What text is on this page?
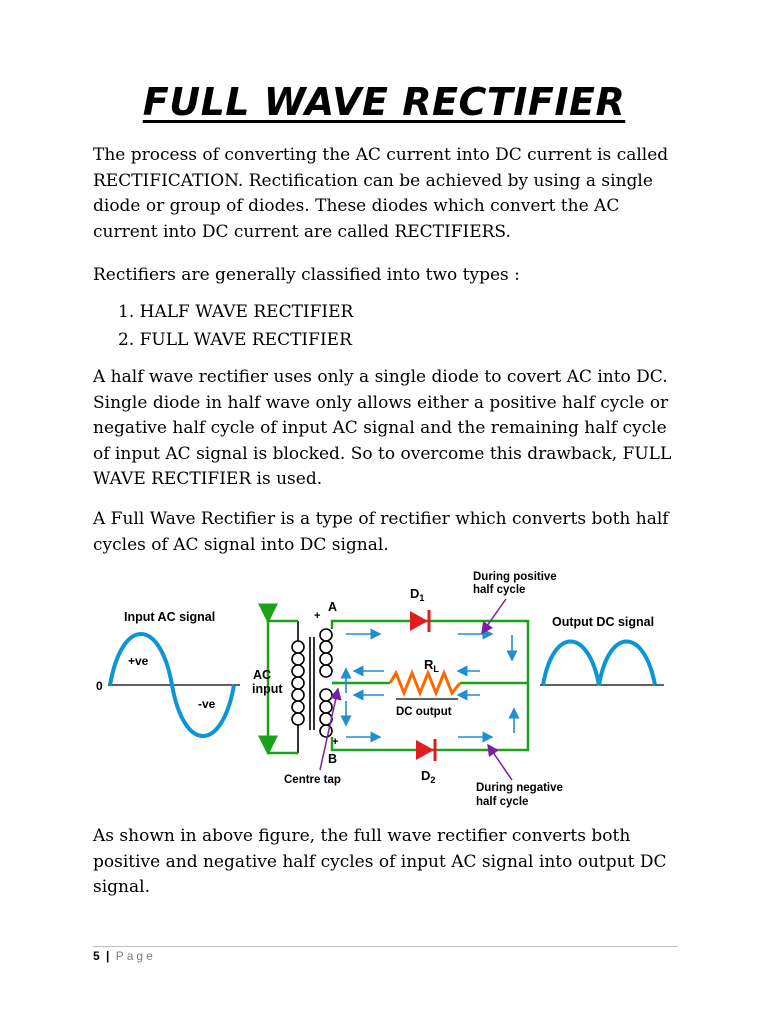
FULL WAVE RECTIFIER
The process of converting the AC current into DC current is called
RECTIFICATION. Rectification can be achieved by using a single
diode or group of diodes. These diodes which convert the AC
current into DC current are called RECTIFIERS.
Rectifiers are generally classified into two types :
1. HALF WAVE RECTIFIER
2. FULL WAVE RECTIFIER
A half wave rectifier uses only a single diode to covert AC into DC.
Single diode in half wave only allows either a positive half cycle or
negative half cycle of input AC signal and the remaining half cycle
of input AC signal is blocked. So to overcome this drawback, FULL
WAVE RECTIFIER is used.
A Full Wave Rectifier is a type of rectifier which converts both half
cycles of AC signal into DC signal.
Input AC signal
0
+ve
-ve
AC
input
+
A
+
B
$D_1$
$D_2$
$R_L$
DC output
During positive
half cycle
During negative
half cycle
Centre tap
Output DC signal
As shown in above figure, the full wave rectifier converts both
positive and negative half cycles of input AC signal into output DC
signal.
5 | Page
